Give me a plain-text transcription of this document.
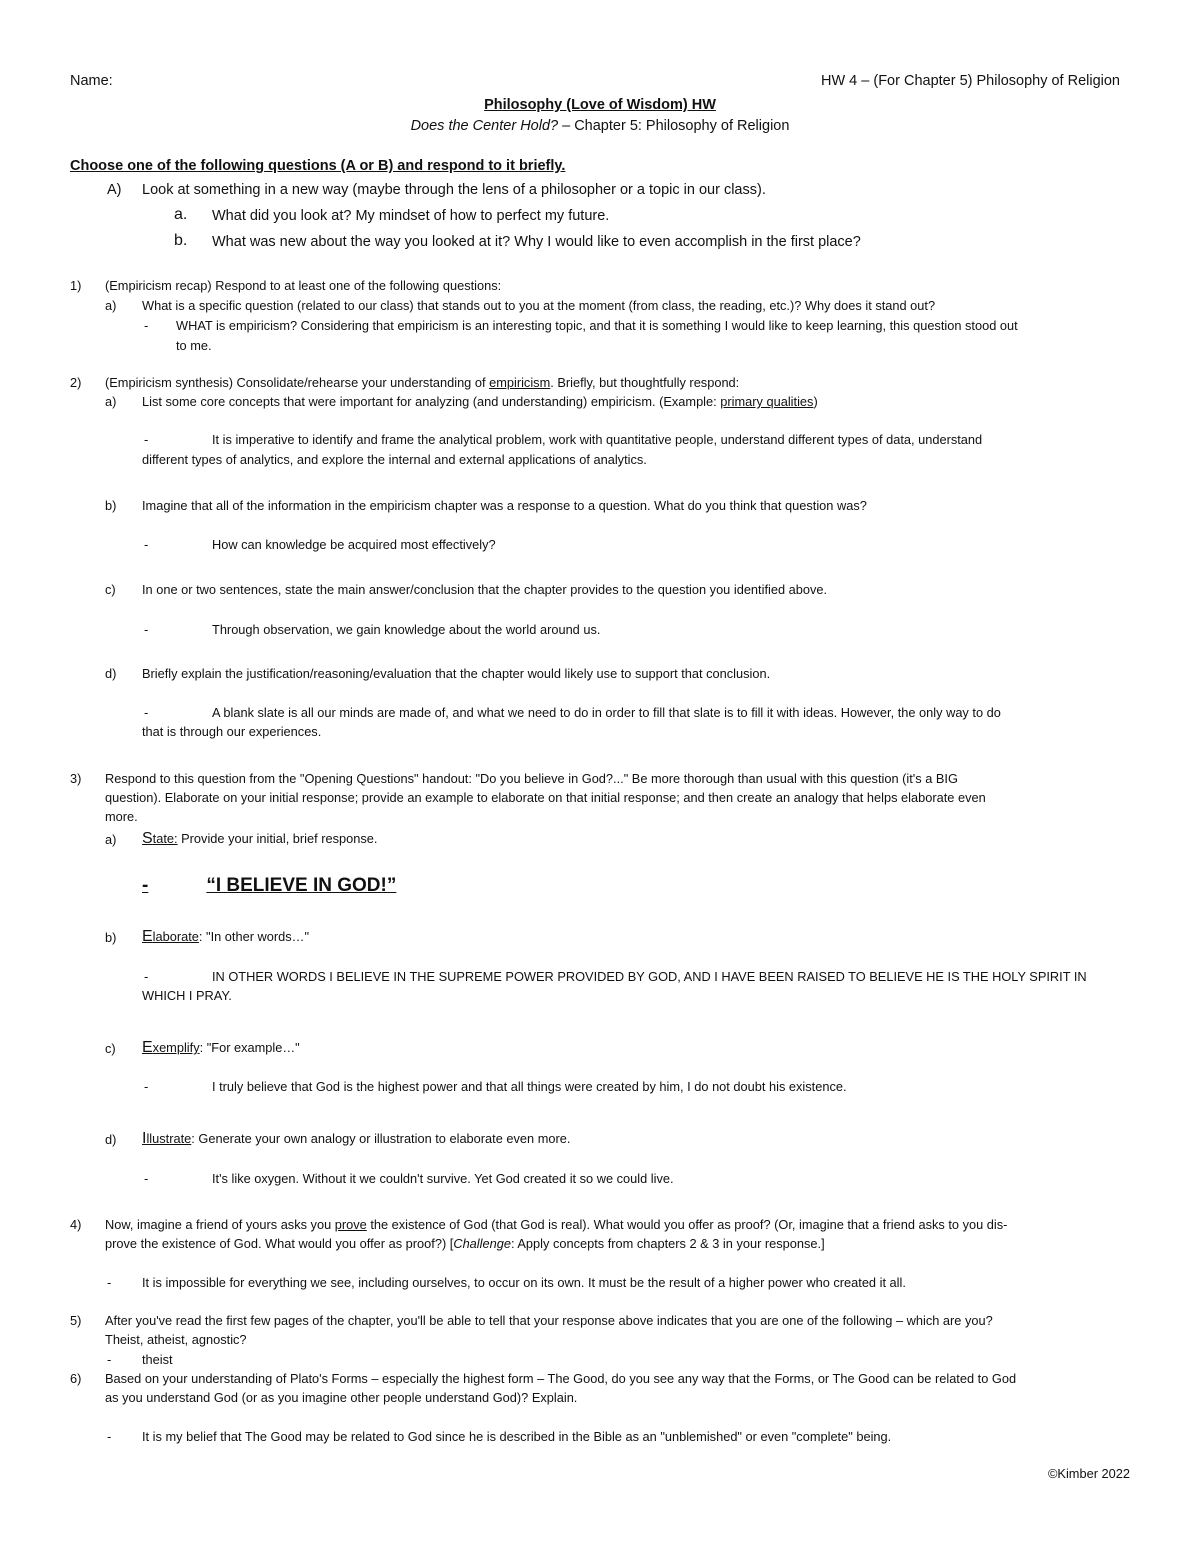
Name:	HW 4 – (For Chapter 5) Philosophy of Religion
Philosophy (Love of Wisdom) HW
Does the Center Hold? – Chapter 5: Philosophy of Religion
Choose one of the following questions (A or B) and respond to it briefly.
A) Look at something in a new way (maybe through the lens of a philosopher or a topic in our class).
a. What did you look at? My mindset of how to perfect my future.
b. What was new about the way you looked at it? Why I would like to even accomplish in the first place?
1) (Empiricism recap) Respond to at least one of the following questions:
a) What is a specific question (related to our class) that stands out to you at the moment (from class, the reading, etc.)? Why does it stand out?
- WHAT is empiricism? Considering that empiricism is an interesting topic, and that it is something I would like to keep learning, this question stood out
to me.
2) (Empiricism synthesis) Consolidate/rehearse your understanding of empiricism. Briefly, but thoughtfully respond:
a) List some core concepts that were important for analyzing (and understanding) empiricism. (Example: primary qualities)
-	It is imperative to identify and frame the analytical problem, work with quantitative people, understand different types of data, understand
different types of analytics, and explore the internal and external applications of analytics.
b) Imagine that all of the information in the empiricism chapter was a response to a question. What do you think that question was?
-	How can knowledge be acquired most effectively?
c) In one or two sentences, state the main answer/conclusion that the chapter provides to the question you identified above.
-	Through observation, we gain knowledge about the world around us.
d) Briefly explain the justification/reasoning/evaluation that the chapter would likely use to support that conclusion.
-	A blank slate is all our minds are made of, and what we need to do in order to fill that slate is to fill it with ideas. However, the only way to do
that is through our experiences.
3) Respond to this question from the "Opening Questions" handout: "Do you believe in God?..." Be more thorough than usual with this question (it's a BIG
question). Elaborate on your initial response; provide an example to elaborate on that initial response; and then create an analogy that helps elaborate even
more.
a) State: Provide your initial, brief response.
-	“I BELIEVE IN GOD!”
b) Elaborate: "In other words…"
-	IN OTHER WORDS I BELIEVE IN THE SUPREME POWER PROVIDED BY GOD, AND I HAVE BEEN RAISED TO BELIEVE HE IS THE HOLY SPIRIT IN
WHICH I PRAY.
c) Exemplify: "For example…"
-	I truly believe that God is the highest power and that all things were created by him, I do not doubt his existence.
d) Illustrate: Generate your own analogy or illustration to elaborate even more.
-	It's like oxygen. Without it we couldn't survive. Yet God created it so we could live.
4) Now, imagine a friend of yours asks you prove the existence of God (that God is real). What would you offer as proof? (Or, imagine that a friend asks to you dis-
prove the existence of God. What would you offer as proof?) [Challenge: Apply concepts from chapters 2 & 3 in your response.]
- It is impossible for everything we see, including ourselves, to occur on its own. It must be the result of a higher power who created it all.
5) After you've read the first few pages of the chapter, you'll be able to tell that your response above indicates that you are one of the following – which are you?
Theist, atheist, agnostic?
- theist
6) Based on your understanding of Plato's Forms – especially the highest form – The Good, do you see any way that the Forms, or The Good can be related to God
as you understand God (or as you imagine other people understand God)? Explain.
- It is my belief that The Good may be related to God since he is described in the Bible as an "unblemished" or even "complete" being.
©Kimber 2022
